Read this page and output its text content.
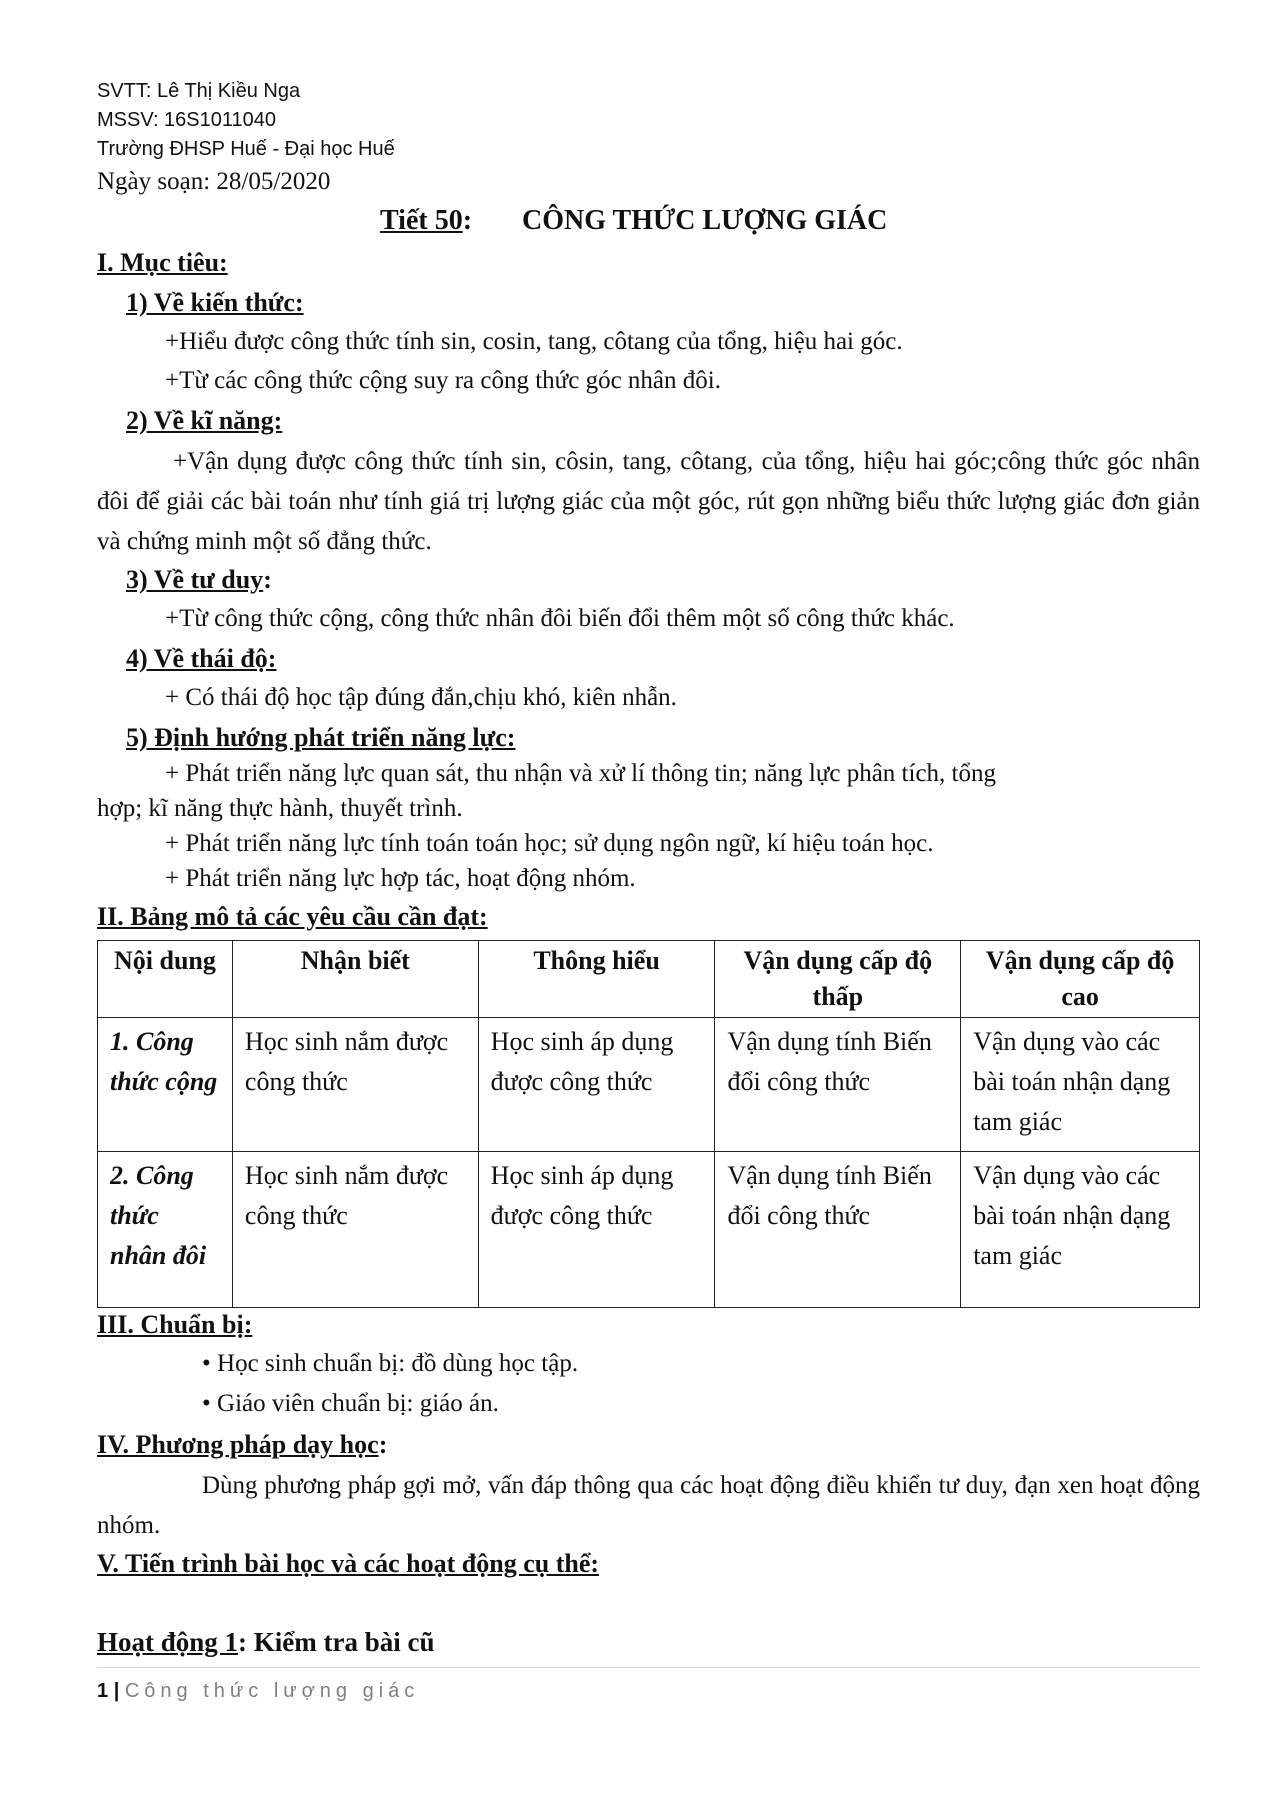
SVTT: Lê Thị Kiều Nga
MSSV: 16S1011040
Trường ĐHSP Huế - Đại học Huế
Ngày soạn: 28/05/2020
Tiết 50: CÔNG THỨC LƯỢNG GIÁC
I. Mục tiêu:
1) Về kiến thức:
+Hiểu được công thức tính sin, cosin, tang, côtang của tổng, hiệu hai góc.
+Từ các công thức cộng suy ra công thức góc nhân đôi.
2) Về kĩ năng:
+Vận dụng được công thức tính sin, côsin, tang, côtang, của tổng, hiệu hai góc;công thức góc nhân đôi để giải các bài toán như tính giá trị lượng giác của một góc, rút gọn những biểu thức lượng giác đơn giản và chứng minh một số đẳng thức.
3) Về tư duy:
+Từ công thức cộng, công thức nhân đôi biến đổi thêm một số công thức khác.
4) Về thái độ:
+ Có thái độ học tập đúng đắn,chịu khó, kiên nhẫn.
5) Định hướng phát triển năng lực:
+ Phát triển năng lực quan sát, thu nhận và xử lí thông tin; năng lực phân tích, tổng
hợp; kĩ năng thực hành, thuyết trình.
+ Phát triển năng lực tính toán toán học; sử dụng ngôn ngữ, kí hiệu toán học.
+ Phát triển năng lực hợp tác, hoạt động nhóm.
II. Bảng mô tả các yêu cầu cần đạt:
Nội dung	Nhận biết	Thông hiểu	Vận dụng cấp độ thấp	Vận dụng cấp độ cao
1. Công thức cộng	Học sinh nắm được công thức	Học sinh áp dụng được công thức	Vận dụng tính Biến đổi công thức	Vận dụng vào các bài toán nhận dạng tam giác
2. Công thức nhân đôi	Học sinh nắm được công thức	Học sinh áp dụng được công thức	Vận dụng tính Biến đổi công thức	Vận dụng vào các bài toán nhận dạng tam giác
III. Chuẩn bị:
• Học sinh chuẩn bị: đồ dùng học tập.
• Giáo viên chuẩn bị: giáo án.
IV. Phương pháp dạy học:
Dùng phương pháp gợi mở, vấn đáp thông qua các hoạt động điều khiển tư duy, đạn xen hoạt động nhóm.
V. Tiến trình bài học và các hoạt động cụ thể:
Hoạt động 1: Kiểm tra bài cũ
1 | Công thức lượng giác
